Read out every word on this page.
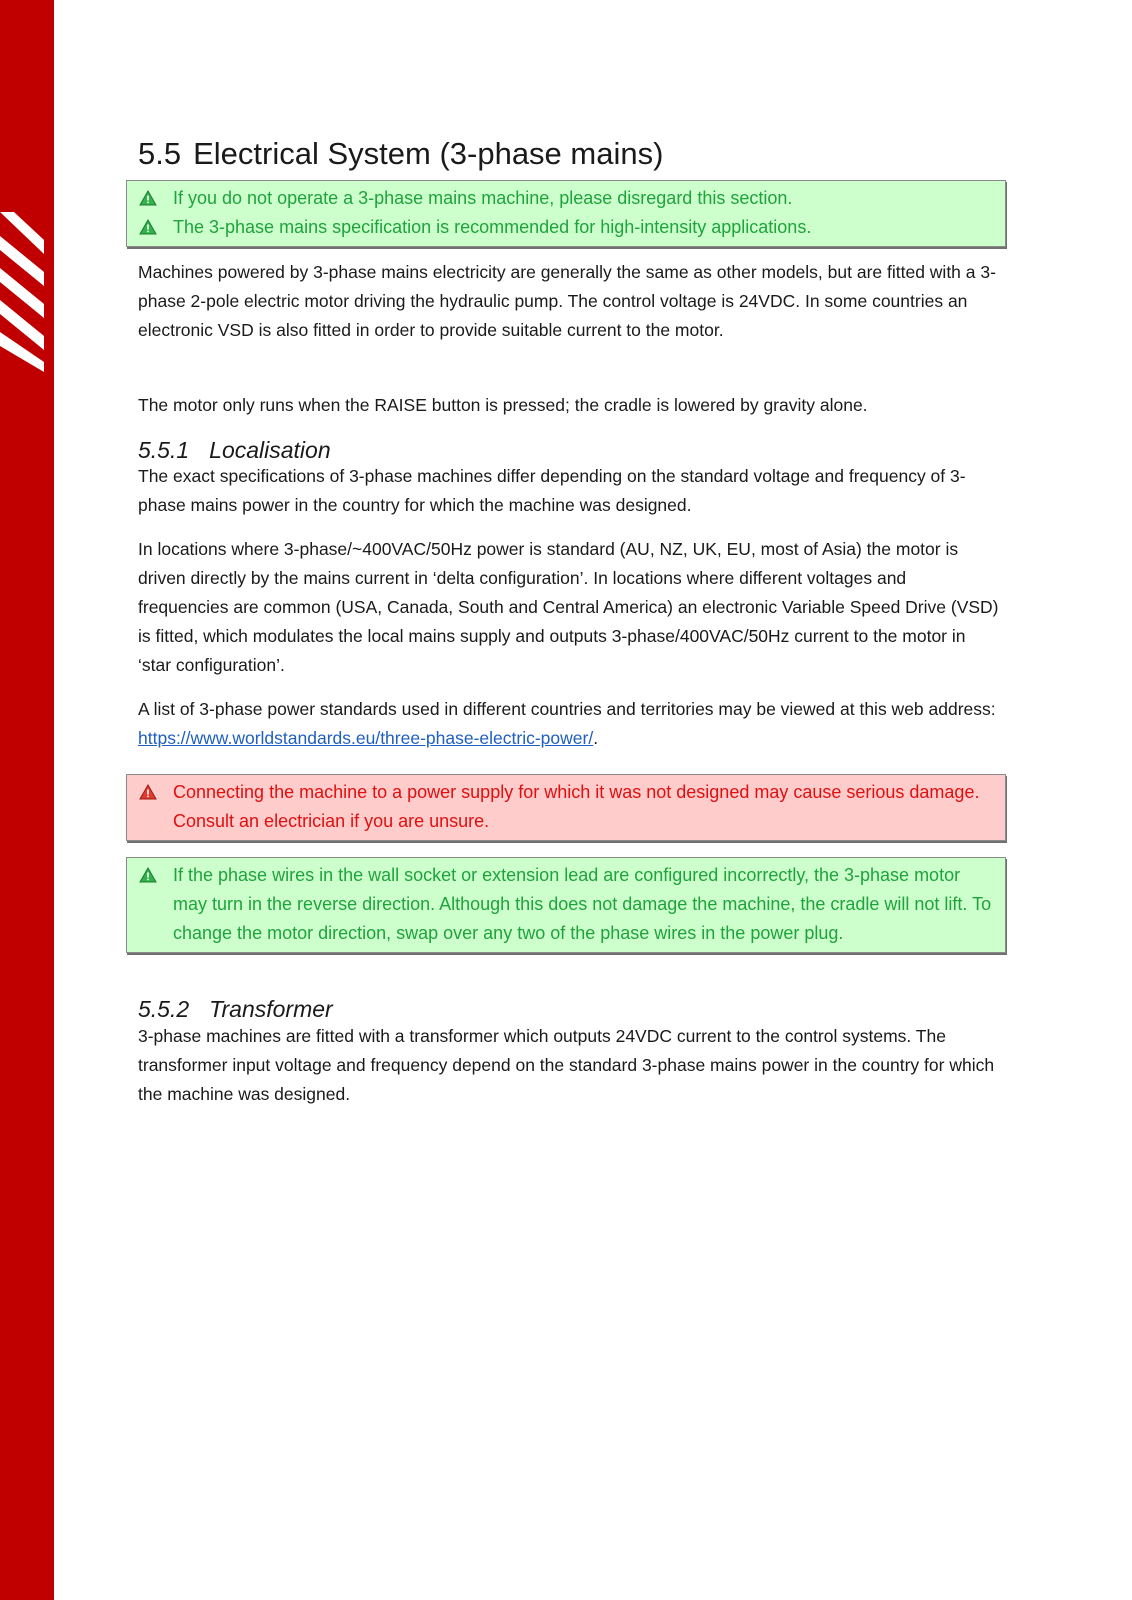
5.5 Electrical System (3-phase mains)
If you do not operate a 3-phase mains machine, please disregard this section.
The 3-phase mains specification is recommended for high-intensity applications.

Machines powered by 3-phase mains electricity are generally the same as other models, but are fitted with a 3-phase 2-pole electric motor driving the hydraulic pump. The control voltage is 24VDC. In some countries an electronic VSD is also fitted in order to provide suitable current to the motor.

The motor only runs when the RAISE button is pressed; the cradle is lowered by gravity alone.

5.5.1 Localisation

The exact specifications of 3-phase machines differ depending on the standard voltage and frequency of 3-phase mains power in the country for which the machine was designed.

In locations where 3-phase/~400VAC/50Hz power is standard (AU, NZ, UK, EU, most of Asia) the motor is driven directly by the mains current in ‘delta configuration’. In locations where different voltages and frequencies are common (USA, Canada, South and Central America) an electronic Variable Speed Drive (VSD) is fitted, which modulates the local mains supply and outputs 3-phase/400VAC/50Hz current to the motor in ‘star configuration’.

A list of 3-phase power standards used in different countries and territories may be viewed at this web address: https://www.worldstandards.eu/three-phase-electric-power/.

Connecting the machine to a power supply for which it was not designed may cause serious damage. Consult an electrician if you are unsure.
If the phase wires in the wall socket or extension lead are configured incorrectly, the 3-phase motor may turn in the reverse direction. Although this does not damage the machine, the cradle will not lift. To change the motor direction, swap over any two of the phase wires in the power plug.
5.5.2 Transformer

3-phase machines are fitted with a transformer which outputs 24VDC current to the control systems. The transformer input voltage and frequency depend on the standard 3-phase mains power in the country for which the machine was designed.
